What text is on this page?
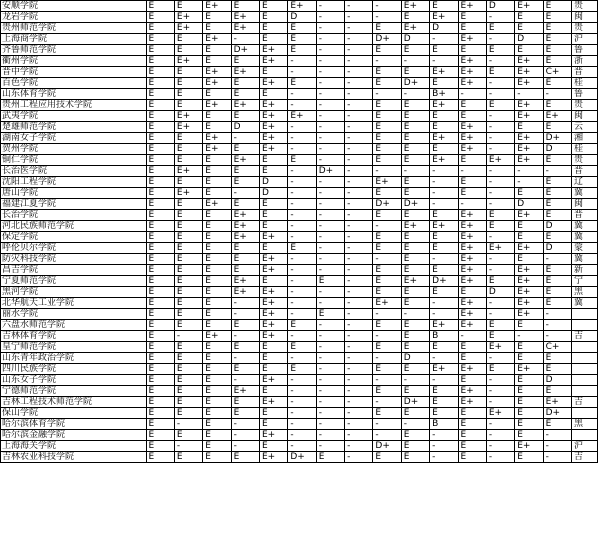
安顺学院	E	E	E+	E	E	E+	-	-	-	E+	E	E+	D	E+	E	贵
龙岩学院	E	E+	E	E+	E	D	-	-	-	E	E+	E	-	E	E	闽
贵州师范学院	E	E+	E	E+	E	E	-	-	E	E+	D	E	E	E	E	贵
上海商学院	E	E	E+	-	E	E	-	-	D+	D	-	E+	-	D	E	沪
齐鲁师范学院	E	E	E	D+	E+	E	-	-	E	E	E	E	E	E	E	鲁
衢州学院	E	E+	E	E	E+	-	-	-	-	-	-	E+	-	E+	E	浙
晋中学院	E	E	E+	E+	E	-	-	-	E	E	E+	E+	E	E+	C+	晋
百色学院	E	E	E+	E	E+	E	-	-	E	D+	E	E+	-	E+	E	桂
山东体育学院	E	E	E	E	E	-	-	-	-	-	B+	-	-	-	-	鲁
贵州工程应用技术学院	E	E	E+	E+	E+	-	-	-	E	E	E+	E	E	E+	E	贵
武夷学院	E	E+	E	E	E+	E+	-	-	E	E	E	E	-	E+	E+	闽
楚雄师范学院	E	E+	E	D	E+	-	-	-	E	E	E	E+	-	E	E	云
湖南女子学院	E	E	E+	-	E+	-	-	-	E	E	E+	E+	-	E+	D+	湘
贺州学院	E	E	E+	E	E+	-	-	-	E	E	E	E+	-	E+	D	桂
铜仁学院	E	E	E	E+	E	E	-	-	E	E	E+	E	E+	E+	E	贵
长治医学院	E	E+	E	E	E	-	D+	-	-	-	-	-	-	-	-	晋
沈阳工程学院	E	E	E	E	D	-	-	-	E+	E	-	E	-	-	E	辽
唐山学院	E	E+	E	-	D	-	-	-	E	E	-	E	-	E	E	冀
福建江夏学院	E	E	E+	E	E	-	-	-	D+	D+	-	-	-	D	E	闽
长治学院	E	E	E	E+	E	-	-	-	E	E	E	E+	E	E+	E	晋
河北民族师范学院	E	E	E	E+	E	-	-	-	-	E+	E+	E+	E	E	D	冀
保定学院	E	E	E	E+	E+	-	-	-	E	E	E	E+	-	E	E	冀
呼伦贝尔学院	E	E	E	E	E	E	-	-	E	E	E	E+	E+	E+	D	蒙
防灾科技学院	E	E	E	E	E+	-	-	-	-	E	-	E+	-	E	-	冀
昌吉学院	E	E	E	E	E+	-	-	-	E	E	E	E+	-	E+	E	新
宁夏师范学院	E	E	E	E+	E	-	E	-	E	E+	D+	E+	E	E+	E	宁
黑河学院	E	E	E	E+	E+	-	-	-	E	E	E	E	D	E+	E	黑
北华航天工业学院	E	E	E	-	E+	-	-	-	E+	E	-	E+	-	E+	E	冀
丽水学院	E	E	E	-	E+	-	E	-	-	-	-	E+	-	E+	-	
六盘水师范学院	E	E	E	E	E+	E	-	-	E	E	E+	E+	E	E	-	
吉林体育学院	E	-	E+	-	E+	-	-	-	-	E	B	-	E	-	-	吉
皇宁师范学院	E	E	E	E	E	E	-	-	E	E	E	E	E+	E	C+	
山东青年政治学院	E	E	E	-	E	-	-	-	-	D	-	E	-	E	E	
四川民族学院	E	E	E	E	E	E	-	-	E	E	E+	E+	E	E+	E	
山东女子学院	E	E	E	-	E+	-	-	-	-	-	-	E	-	E	D	
宁德师范学院	E	E	E	E+	E	-	-	-	E	E	E	E+	-	E	E	
吉林工程技术师范学院	E	E	E	E	E+	-	-	-	-	D+	E	E+	-	E	E+	吉
保山学院	E	E	E	E	E	-	-	-	E	E	E	E	E+	E	D+	
哈尔滨体育学院	E	-	E	-	E	-	-	-	-	-	B	E	-	E	E	黑
哈尔滨金融学院	E	E	E	-	E+	-	-	-	-	E	-	E	-	E	-	
上海海关学院	E	-	E	-	E	-	-	-	D+	E	-	E	-	E+	-	沪
吉林农业科技学院	E	E	E	E	E+	D+	E	-	E	E	-	E	-	E	-	吉
